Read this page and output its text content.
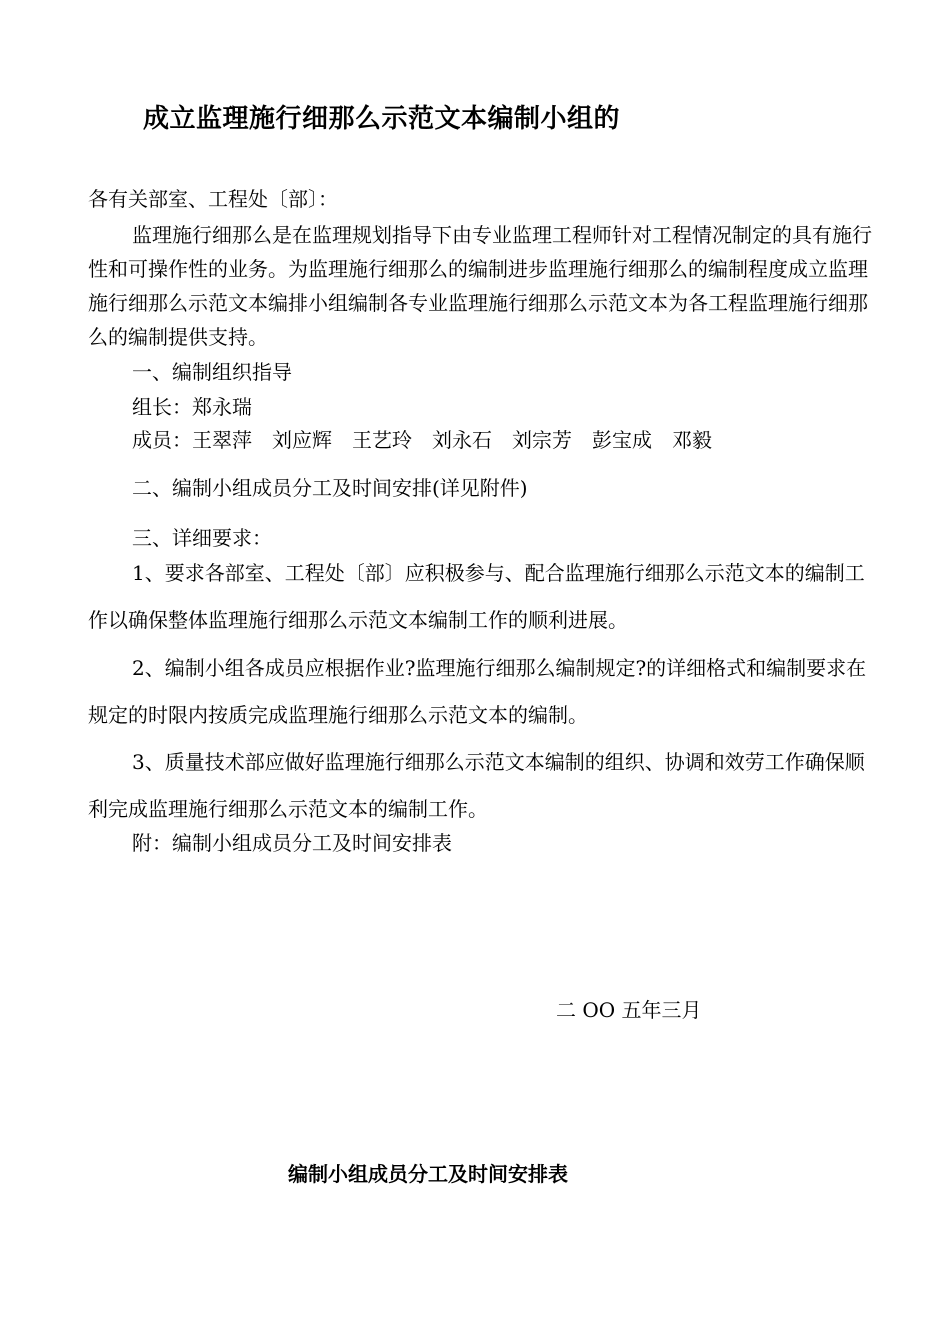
成立监理施行细那么示范文本编制小组的
各有关部室、工程处〔部〕：
监理施行细那么是在监理规划指导下由专业监理工程师针对工程情况制定的具有施行性和可操作性的业务。为监理施行细那么的编制进步监理施行细那么的编制程度成立监理施行细那么示范文本编排小组编制各专业监理施行细那么示范文本为各工程监理施行细那么的编制提供支持。
一、编制组织指导
组长：郑永瑞
成员：王翠萍 刘应辉 王艺玲 刘永石 刘宗芳 彭宝成 邓毅
二、编制小组成员分工及时间安排(详见附件)
三、详细要求：
1、要求各部室、工程处〔部〕应积极参与、配合监理施行细那么示范文本的编制工作以确保整体监理施行细那么示范文本编制工作的顺利进展。
2、编制小组各成员应根据作业?监理施行细那么编制规定?的详细格式和编制要求在规定的时限内按质完成监理施行细那么示范文本的编制。
3、质量技术部应做好监理施行细那么示范文本编制的组织、协调和效劳工作确保顺利完成监理施行细那么示范文本的编制工作。
附：编制小组成员分工及时间安排表
二 OO 五年三月
编制小组成员分工及时间安排表
